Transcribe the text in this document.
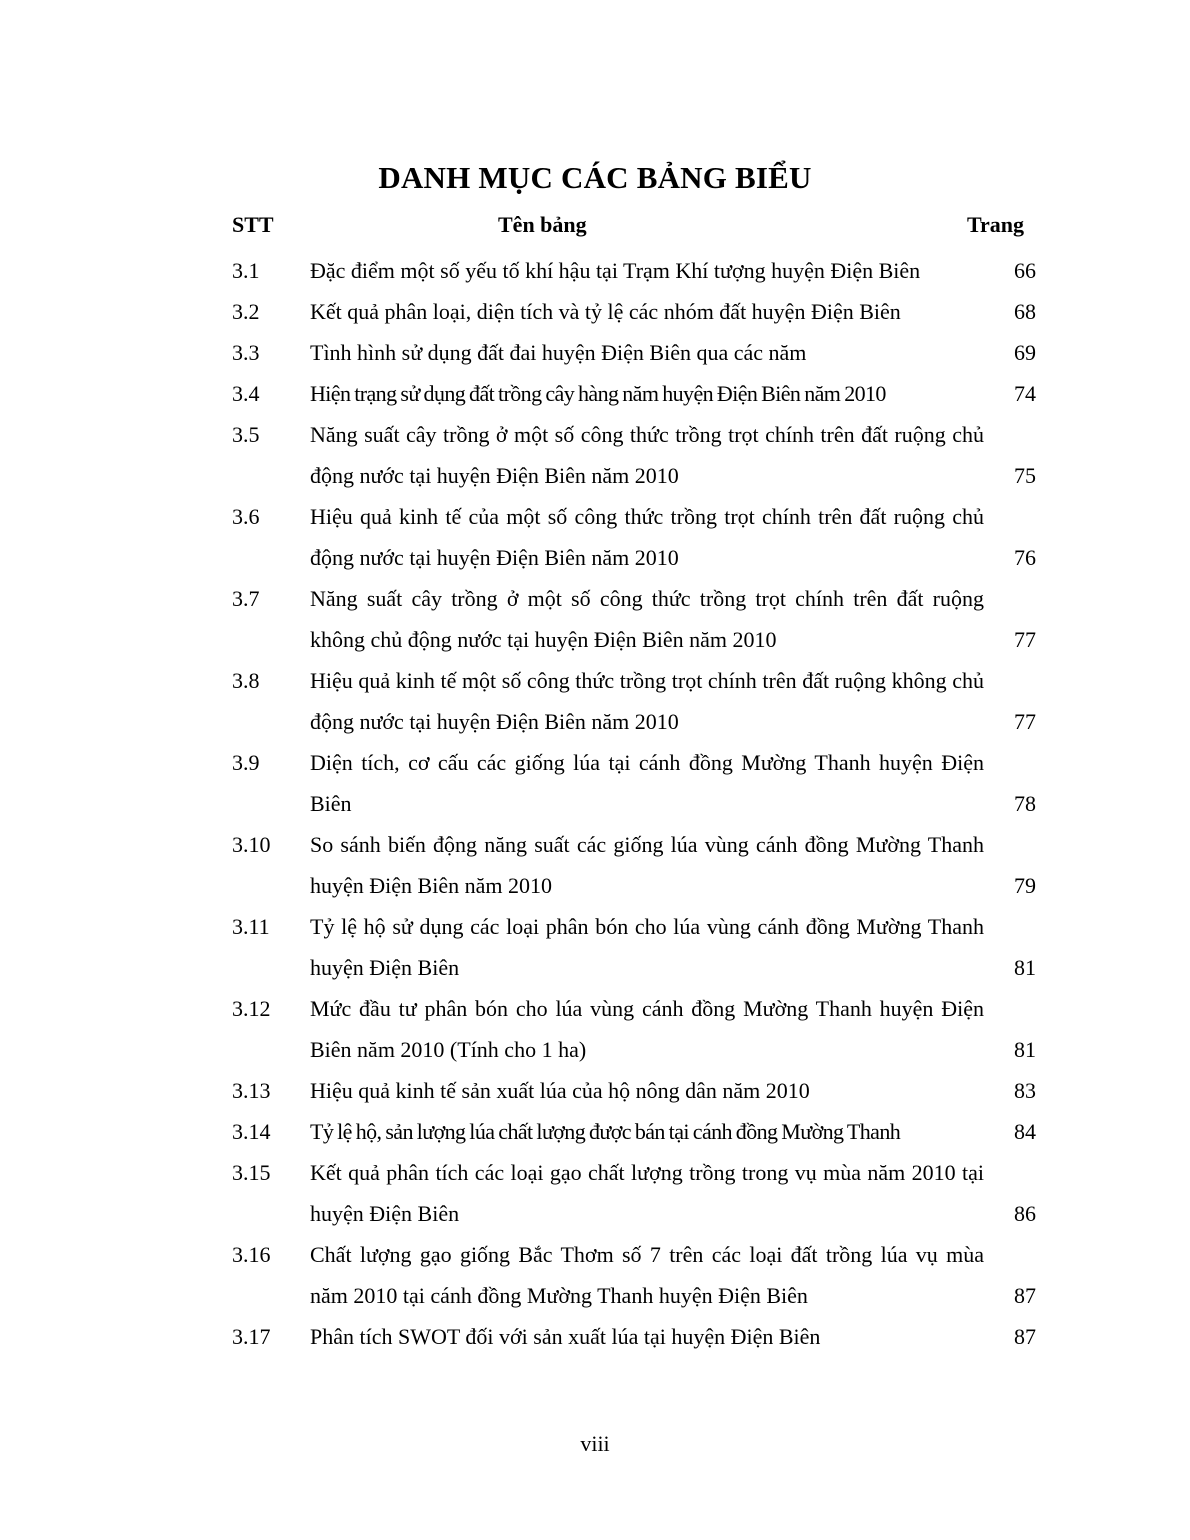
DANH MỤC CÁC BẢNG BIỂU
STT	Tên bảng	Trang
3.1 Đặc điểm một số yếu tố khí hậu tại Trạm Khí tượng huyện Điện Biên	66
3.2 Kết quả phân loại, diện tích và tỷ lệ các nhóm đất huyện Điện Biên	68
3.3 Tình hình sử dụng đất đai huyện Điện Biên qua các năm	69
3.4 Hiện trạng sử dụng đất trồng cây hàng năm huyện Điện Biên năm 2010	74
3.5 Năng suất cây trồng ở một số công thức trồng trọt chính trên đất ruộng chủ động nước tại huyện Điện Biên năm 2010	75
3.6 Hiệu quả kinh tế của một số công thức trồng trọt chính trên đất ruộng chủ động nước tại huyện Điện Biên năm 2010	76
3.7 Năng suất cây trồng ở một số công thức trồng trọt chính trên đất ruộng không chủ động nước tại huyện Điện Biên năm 2010	77
3.8 Hiệu quả kinh tế một số công thức trồng trọt chính trên đất ruộng không chủ động nước tại huyện Điện Biên năm 2010	77
3.9 Diện tích, cơ cấu các giống lúa tại cánh đồng Mường Thanh huyện Điện Biên	78
3.10 So sánh biến động năng suất các giống lúa vùng cánh đồng Mường Thanh huyện Điện Biên năm 2010	79
3.11 Tỷ lệ hộ sử dụng các loại phân bón cho lúa vùng cánh đồng Mường Thanh huyện Điện Biên	81
3.12 Mức đầu tư phân bón cho lúa vùng cánh đồng Mường Thanh huyện Điện Biên năm 2010 (Tính cho 1 ha)	81
3.13 Hiệu quả kinh tế sản xuất lúa của hộ nông dân năm 2010	83
3.14 Tỷ lệ hộ, sản lượng lúa chất lượng được bán tại cánh đồng Mường Thanh	84
3.15 Kết quả phân tích các loại gạo chất lượng trồng trong vụ mùa năm 2010 tại huyện Điện Biên	86
3.16 Chất lượng gạo giống Bắc Thơm số 7 trên các loại đất trồng lúa vụ mùa năm 2010 tại cánh đồng Mường Thanh huyện Điện Biên	87
3.17 Phân tích SWOT đối với sản xuất lúa tại huyện Điện Biên	87
viii
